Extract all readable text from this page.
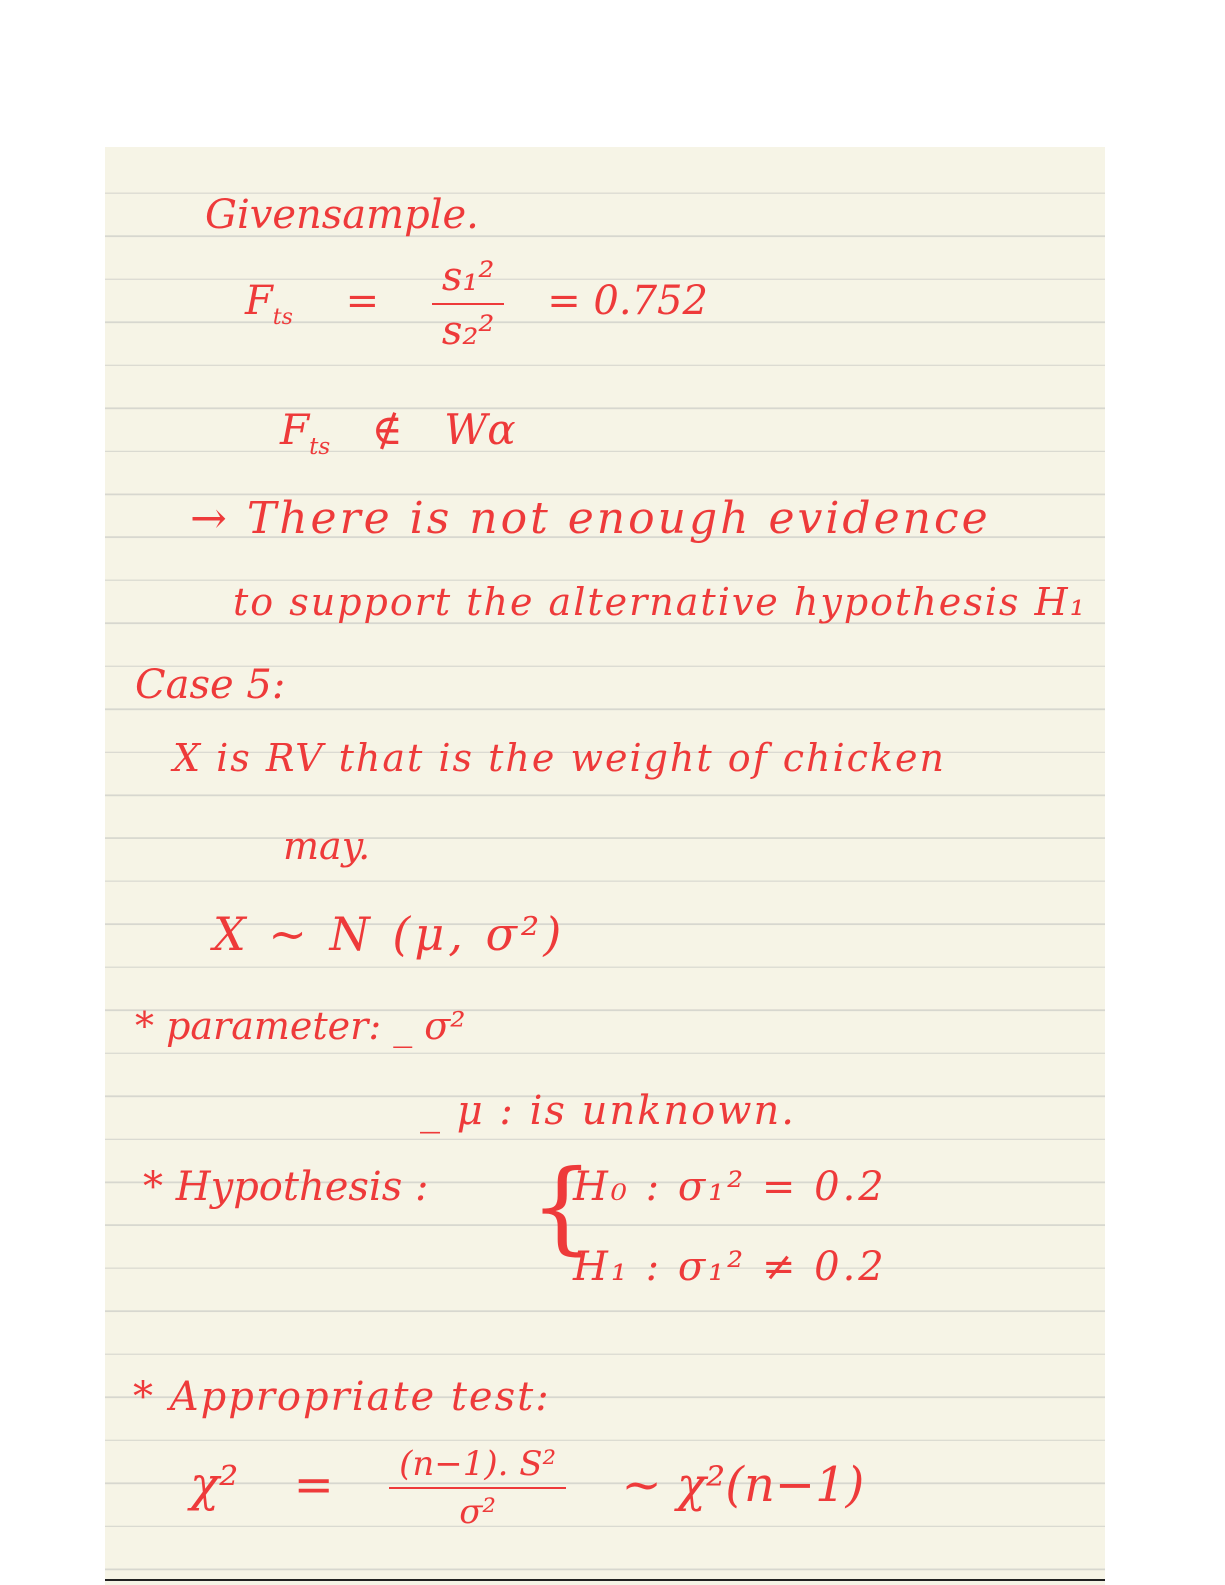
Givensample.
$F_{ts} = \frac{\text{s₁²}}{\text{s₂²}} = 0.752$
$F_{ts}$ ∉ Wα
→ There is not enough evidence
to support the alternative hypothesis H₁
Case 5:
X is RV that is the weight of chicken
may.
X ~ N (μ, σ²)
* parameter: _ σ²
_ μ : is unknown.
* Hypothesis : {
H₀ : σ₁² = 0.2
H₁ : σ₁² ≠ 0.2
* Appropriate test:
$\chi^2 = \frac{\text{(n−1). S²}}{\text{σ²}}$ ~ χ²(n−1)
